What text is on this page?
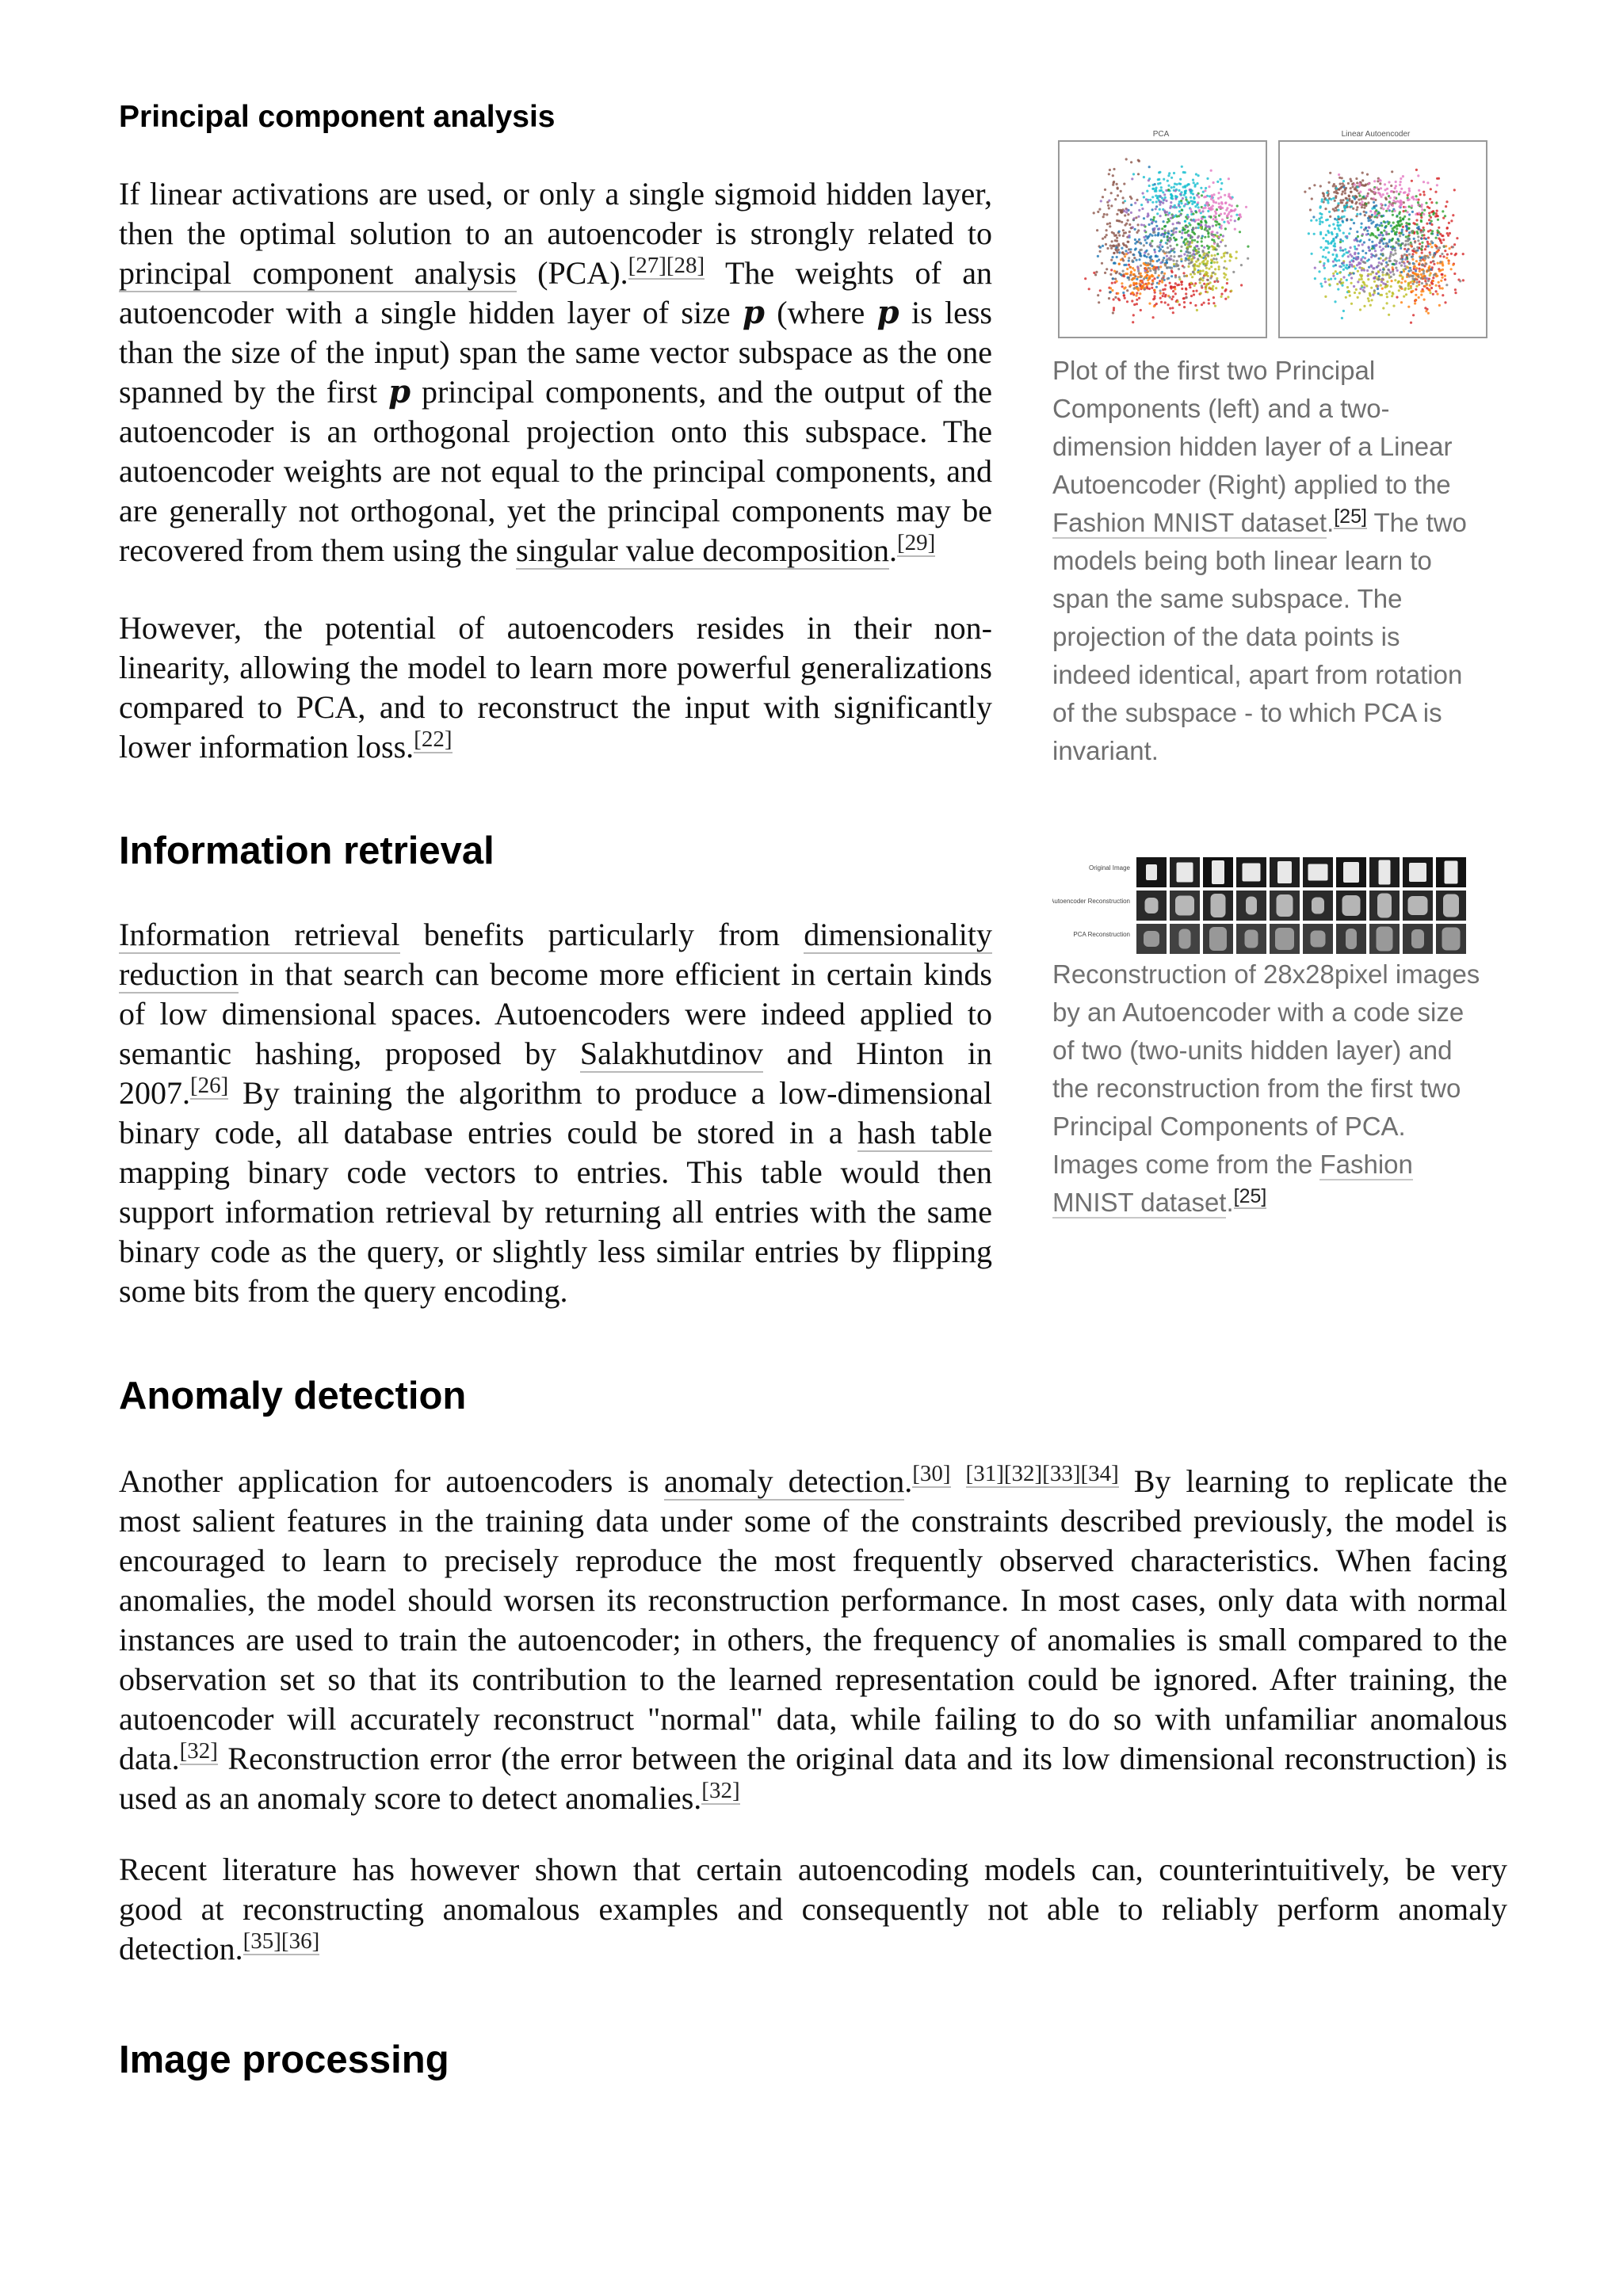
Principal component analysis
If linear activations are used, or only a single sigmoid hidden layer,
then the optimal solution to an autoencoder is strongly related to
principal component analysis (PCA).[27][28] The weights of an
autoencoder with a single hidden layer of size p (where p is less
than the size of the input) span the same vector subspace as the one
spanned by the first p principal components, and the output of the
autoencoder is an orthogonal projection onto this subspace. The
autoencoder weights are not equal to the principal components, and
are generally not orthogonal, yet the principal components may be
recovered from them using the singular value decomposition.[29]
However, the potential of autoencoders resides in their non-
linearity, allowing the model to learn more powerful generalizations
compared to PCA, and to reconstruct the input with significantly
lower information loss.[22]
PCA	Linear Autoencoder
Plot of the first two Principal
Components (left) and a two-
dimension hidden layer of a Linear
Autoencoder (Right) applied to the
Fashion MNIST dataset.[25] The two
models being both linear learn to
span the same subspace. The
projection of the data points is
indeed identical, apart from rotation
of the subspace - to which PCA is
invariant.
Information retrieval
Information retrieval benefits particularly from dimensionality
reduction in that search can become more efficient in certain kinds
of low dimensional spaces. Autoencoders were indeed applied to
semantic hashing, proposed by Salakhutdinov and Hinton in
2007.[26] By training the algorithm to produce a low-dimensional
binary code, all database entries could be stored in a hash table
mapping binary code vectors to entries. This table would then
support information retrieval by returning all entries with the same
binary code as the query, or slightly less similar entries by flipping
some bits from the query encoding.
Original Image
Autoencoder Reconstruction
PCA Reconstruction
Reconstruction of 28x28pixel images
by an Autoencoder with a code size
of two (two-units hidden layer) and
the reconstruction from the first two
Principal Components of PCA.
Images come from the Fashion
MNIST dataset.[25]
Anomaly detection
Another application for autoencoders is anomaly detection.[30] [31][32][33][34] By learning to replicate the
most salient features in the training data under some of the constraints described previously, the model is
encouraged to learn to precisely reproduce the most frequently observed characteristics. When facing
anomalies, the model should worsen its reconstruction performance. In most cases, only data with normal
instances are used to train the autoencoder; in others, the frequency of anomalies is small compared to the
observation set so that its contribution to the learned representation could be ignored. After training, the
autoencoder will accurately reconstruct "normal" data, while failing to do so with unfamiliar anomalous
data.[32] Reconstruction error (the error between the original data and its low dimensional reconstruction) is
used as an anomaly score to detect anomalies.[32]
Recent literature has however shown that certain autoencoding models can, counterintuitively, be very
good at reconstructing anomalous examples and consequently not able to reliably perform anomaly
detection.[35][36]
Image processing
